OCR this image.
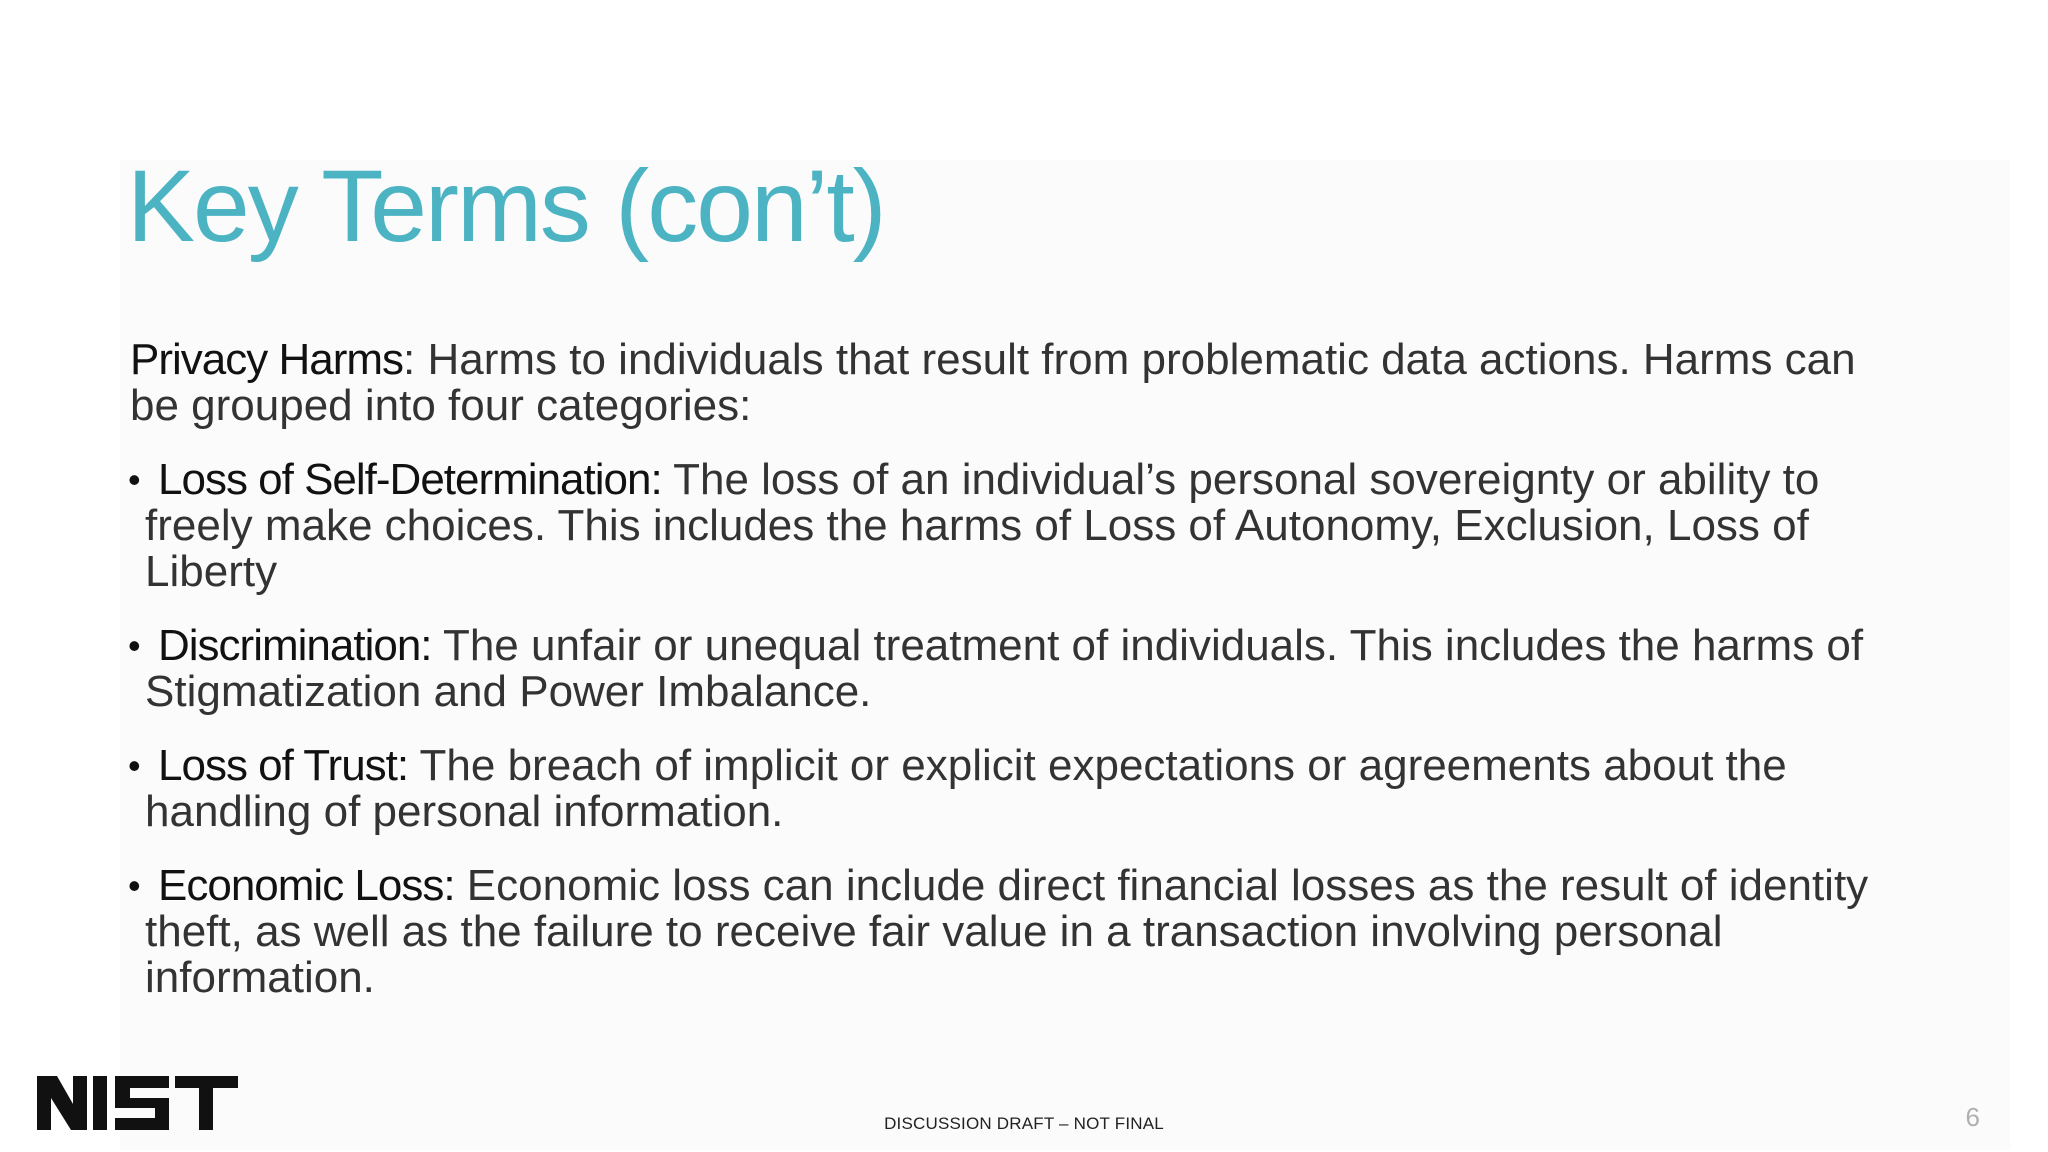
Key Terms (con’t)

Privacy Harms: Harms to individuals that result from problematic data actions. Harms can be grouped into four categories:

• Loss of Self-Determination: The loss of an individual’s personal sovereignty or ability to freely make choices. This includes the harms of Loss of Autonomy, Exclusion, Loss of Liberty
• Discrimination: The unfair or unequal treatment of individuals. This includes the harms of Stigmatization and Power Imbalance.
• Loss of Trust: The breach of implicit or explicit expectations or agreements about the handling of personal information.
• Economic Loss: Economic loss can include direct financial losses as the result of identity theft, as well as the failure to receive fair value in a transaction involving personal information.
DISCUSSION DRAFT – NOT FINAL	6
